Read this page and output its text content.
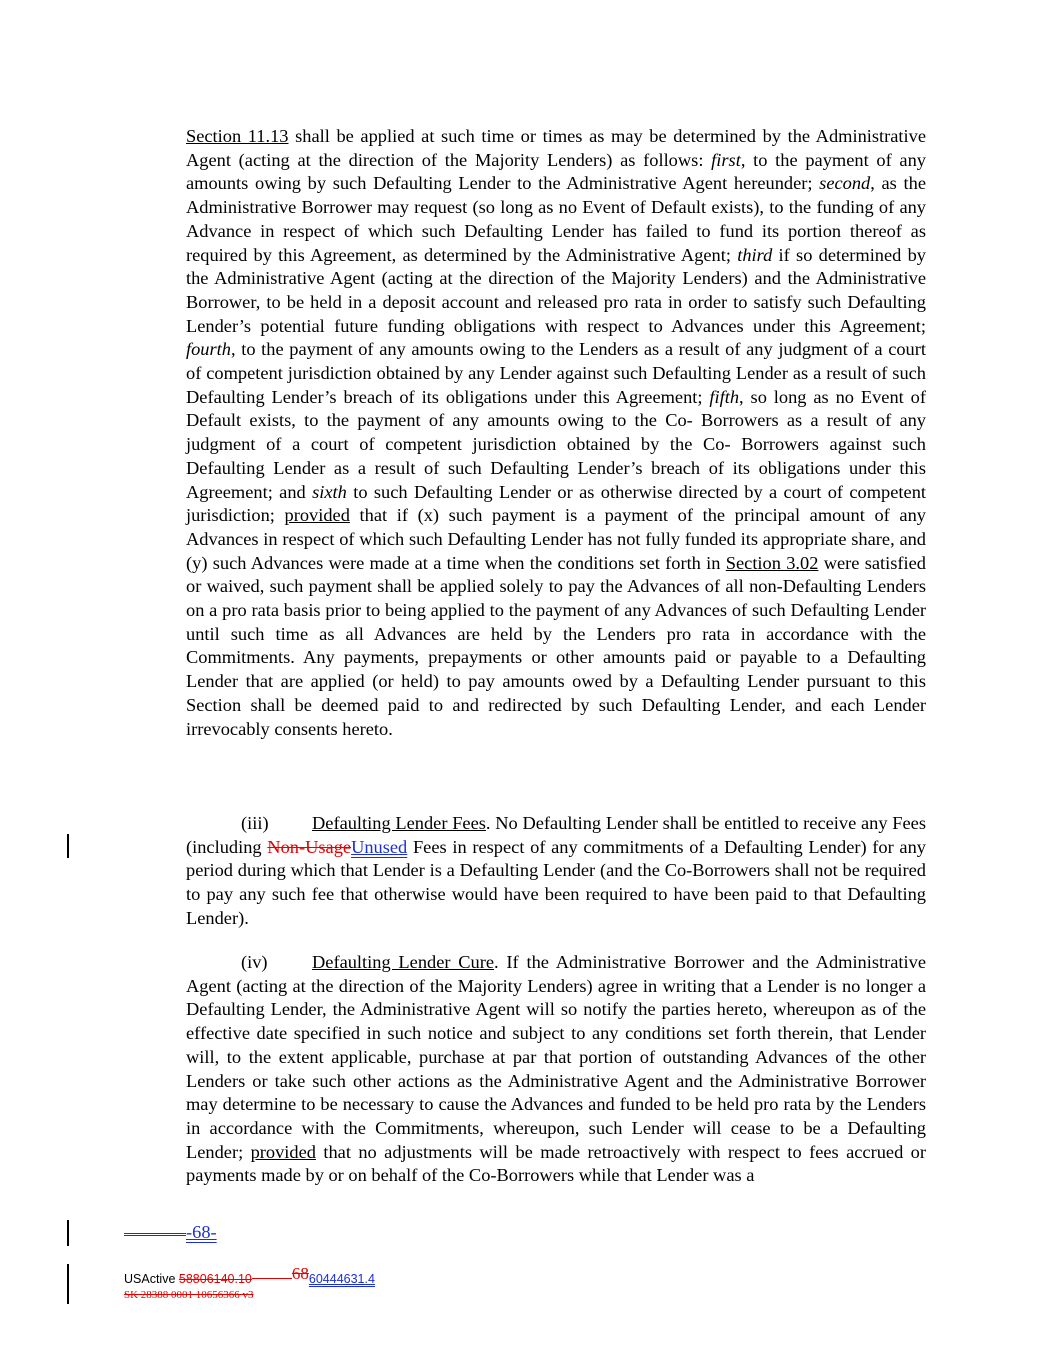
Section 11.13 shall be applied at such time or times as may be determined by the Administrative Agent (acting at the direction of the Majority Lenders) as follows: first, to the payment of any amounts owing by such Defaulting Lender to the Administrative Agent hereunder; second, as the Administrative Borrower may request (so long as no Event of Default exists), to the funding of any Advance in respect of which such Defaulting Lender has failed to fund its portion thereof as required by this Agreement, as determined by the Administrative Agent; third if so determined by the Administrative Agent (acting at the direction of the Majority Lenders) and the Administrative Borrower, to be held in a deposit account and released pro rata in order to satisfy such Defaulting Lender’s potential future funding obligations with respect to Advances under this Agreement; fourth, to the payment of any amounts owing to the Lenders as a result of any judgment of a court of competent jurisdiction obtained by any Lender against such Defaulting Lender as a result of such Defaulting Lender’s breach of its obligations under this Agreement; fifth, so long as no Event of Default exists, to the payment of any amounts owing to the Co- Borrowers as a result of any judgment of a court of competent jurisdiction obtained by the Co- Borrowers against such Defaulting Lender as a result of such Defaulting Lender’s breach of its obligations under this Agreement; and sixth to such Defaulting Lender or as otherwise directed by a court of competent jurisdiction; provided that if (x) such payment is a payment of the principal amount of any Advances in respect of which such Defaulting Lender has not fully funded its appropriate share, and (y) such Advances were made at a time when the conditions set forth in Section 3.02 were satisfied or waived, such payment shall be applied solely to pay the Advances of all non-Defaulting Lenders on a pro rata basis prior to being applied to the payment of any Advances of such Defaulting Lender until such time as all Advances are held by the Lenders pro rata in accordance with the Commitments. Any payments, prepayments or other amounts paid or payable to a Defaulting Lender that are applied (or held) to pay amounts owed by a Defaulting Lender pursuant to this Section shall be deemed paid to and redirected by such Defaulting Lender, and each Lender irrevocably consents hereto.

(iii) Defaulting Lender Fees. No Defaulting Lender shall be entitled to receive any Fees (including Non-UsageUnused Fees in respect of any commitments of a Defaulting Lender) for any period during which that Lender is a Defaulting Lender (and the Co-Borrowers shall not be required to pay any such fee that otherwise would have been required to have been paid to that Defaulting Lender).

(iv) Defaulting Lender Cure. If the Administrative Borrower and the Administrative Agent (acting at the direction of the Majority Lenders) agree in writing that a Lender is no longer a Defaulting Lender, the Administrative Agent will so notify the parties hereto, whereupon as of the effective date specified in such notice and subject to any conditions set forth therein, that Lender will, to the extent applicable, purchase at par that portion of outstanding Advances of the other Lenders or take such other actions as the Administrative Agent and the Administrative Borrower may determine to be necessary to cause the Advances and funded to be held pro rata by the Lenders in accordance with the Commitments, whereupon, such Lender will cease to be a Defaulting Lender; provided that no adjustments will be made retroactively with respect to fees accrued or payments made by or on behalf of the Co-Borrowers while that Lender was a

-68-
USActive 58806140.10 6860444631.4
SK 28388 0001 10656366 v3
